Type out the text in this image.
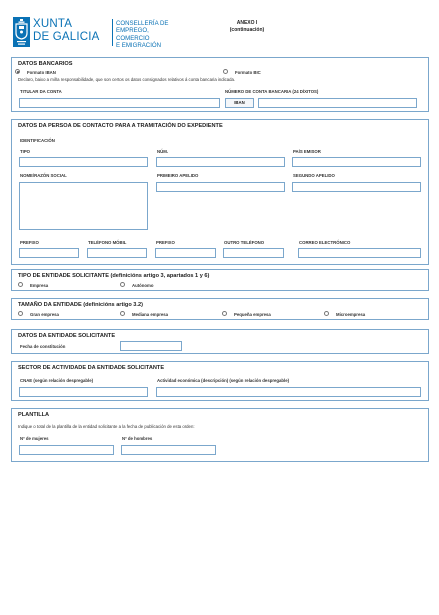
XUNTA
DE GALICIA
CONSELLERÍA DE
EMPREGO, COMERCIO
E EMIGRACIÓN
ANEXO I
(continuación)
DATOS BANCARIOS
Formato IBAN	Formato BIC
Declaro, baixo a miña responsabilidade, que son certos os datos consignados relativos á conta bancaria indicada.
TITULAR DA CONTA	NÚMERO DE CONTA BANCARIA (24 DÍXITOS)
IBAN
DATOS DA PERSOA DE CONTACTO PARA A TRAMITACIÓN DO EXPEDIENTE
IDENTIFICACIÓN
TIPO	NÚM.	PAÍS EMISOR
NOME/RAZÓN SOCIAL	PRIMEIRO APELIDO	SEGUNDO APELIDO
PREFIXO	TELÉFONO MÓBIL	PREFIXO	OUTRO TELÉFONO	CORREO ELECTRÓNICO
TIPO DE ENTIDADE SOLICITANTE (definicións artigo 3, apartados 1 y 6)
Empresa	Autónomo
TAMAÑO DA ENTIDADE (definicións artigo 3.2)
Gran empresa	Mediana empresa	Pequeña empresa	Microempresa
DATOS DA ENTIDADE SOLICITANTE
Fecha de constitución
SECTOR DE ACTIVIDADE DA ENTIDADE SOLICITANTE
CNAE (según relación despregable)	Actividad económica (descripción) (según relación despregable)
PLANTILLA
Indique o total de la plantilla de la entidad solicitante a la fecha de publicación de esta orden:
Nº de mujeres	Nº de hombres
